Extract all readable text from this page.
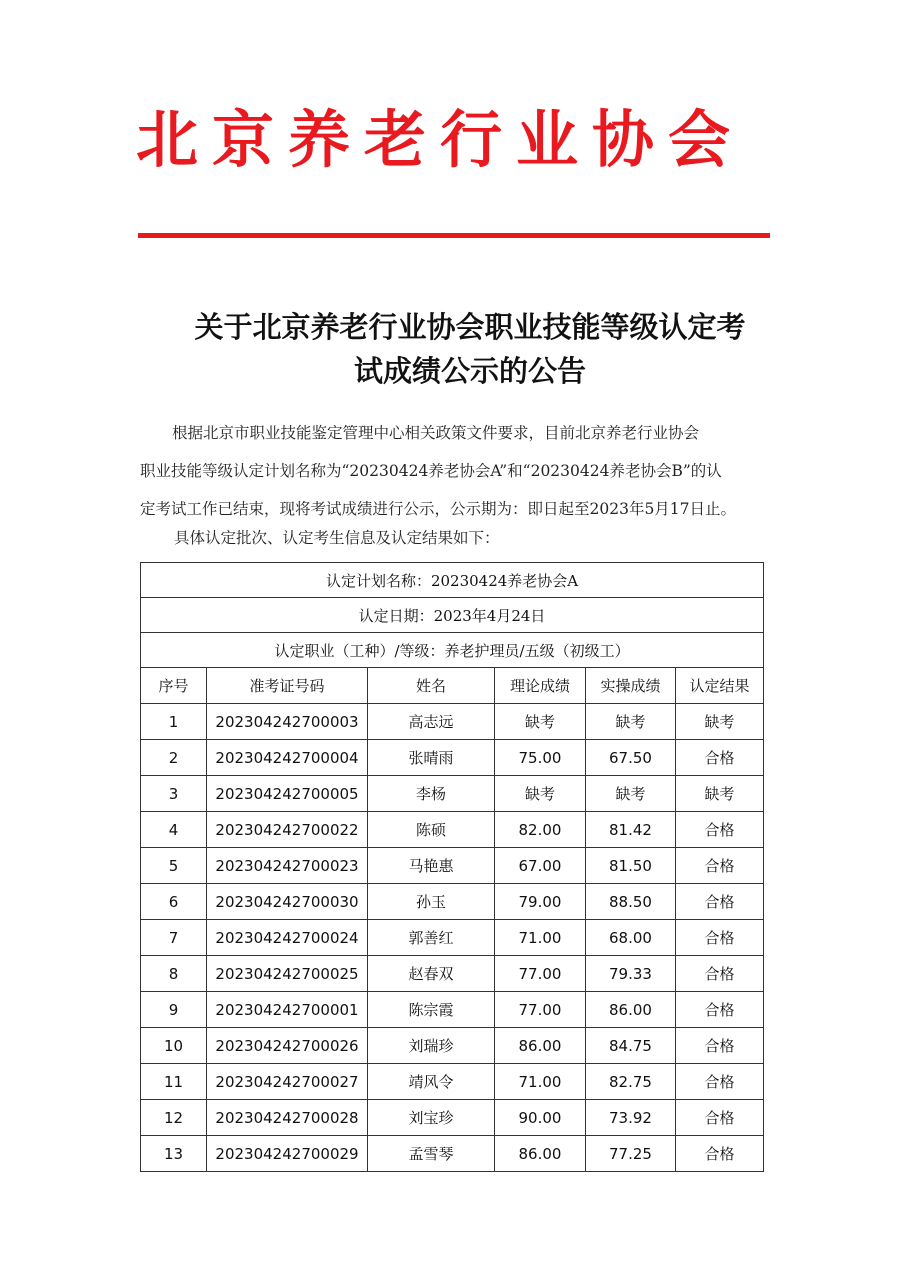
北京养老行业协会
关于北京养老行业协会职业技能等级认定考
试成绩公示的公告
根据北京市职业技能鉴定管理中心相关政策文件要求，目前北京养老行业协会
职业技能等级认定计划名称为“20230424养老协会A”和“20230424养老协会B”的认
定考试工作已结束，现将考试成绩进行公示，公示期为：即日起至2023年5月17日止。
具体认定批次、认定考生信息及认定结果如下：
认定计划名称：20230424养老协会A					
认定日期：2023年4月24日					
认定职业（工种）/等级：养老护理员/五级（初级工）					
序号	准考证号码	姓名	理论成绩	实操成绩	认定结果
1	202304242700003	高志远	缺考	缺考	缺考
2	202304242700004	张晴雨	75.00	67.50	合格
3	202304242700005	李杨	缺考	缺考	缺考
4	202304242700022	陈硕	82.00	81.42	合格
5	202304242700023	马艳惠	67.00	81.50	合格
6	202304242700030	孙玉	79.00	88.50	合格
7	202304242700024	郭善红	71.00	68.00	合格
8	202304242700025	赵春双	77.00	79.33	合格
9	202304242700001	陈宗霞	77.00	86.00	合格
10	202304242700026	刘瑞珍	86.00	84.75	合格
11	202304242700027	靖风令	71.00	82.75	合格
12	202304242700028	刘宝珍	90.00	73.92	合格
13	202304242700029	孟雪琴	86.00	77.25	合格
